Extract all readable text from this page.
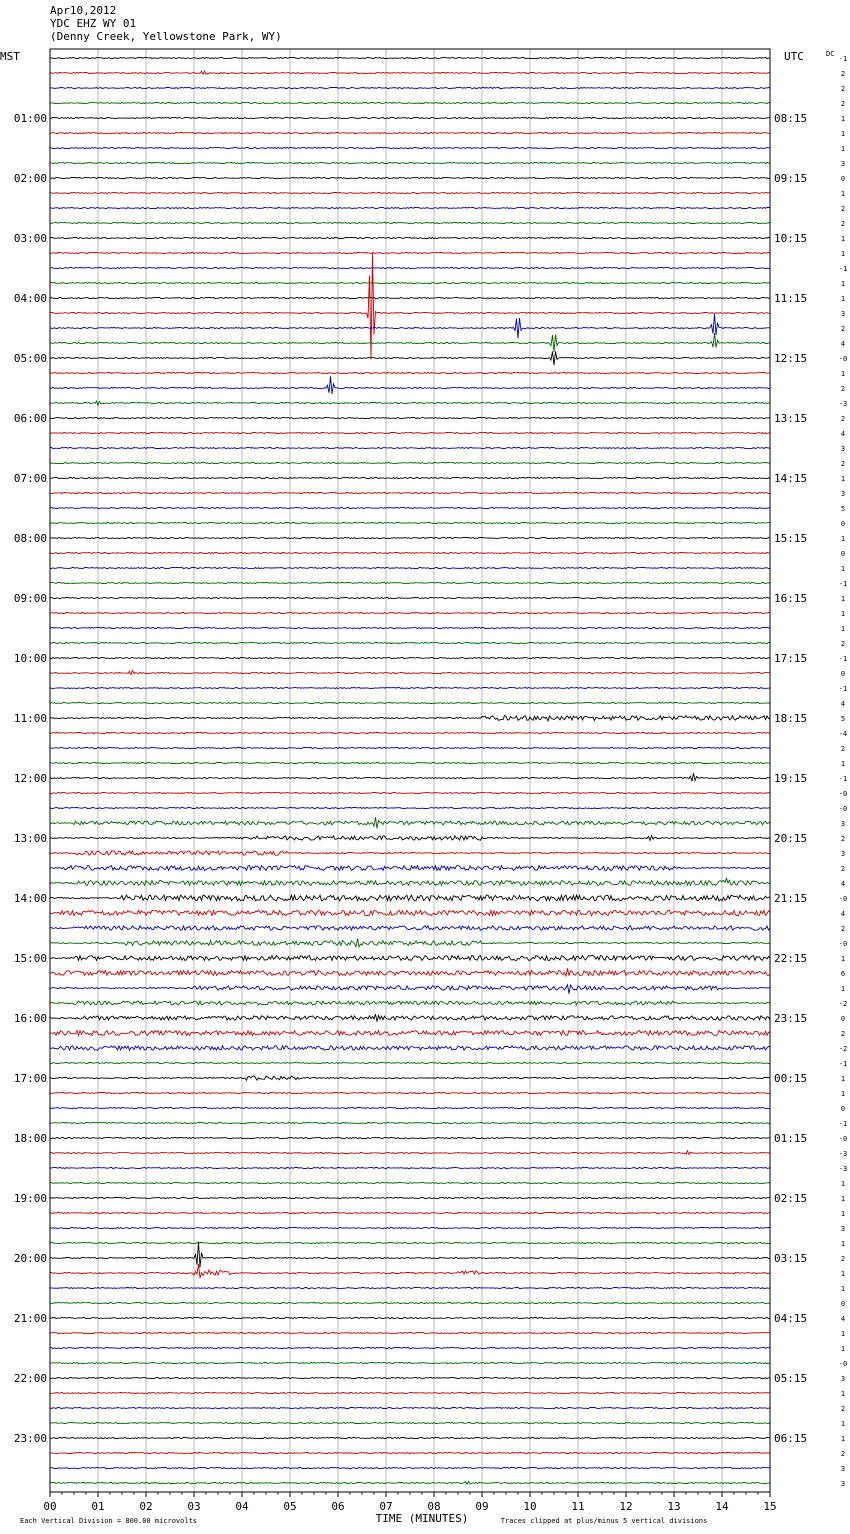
Apr10,2012
YDC EHZ WY 01
(Denny Creek, Yellowstone Park, WY)
00	01	02	03	04	05	06	07	08	09	10	11	12	13	14	15
-1
2
2
2
1
1
1
3
0
1
2
2
1
1
-1
1
1
3
2
4
-0
1
2
-3
2
4
3
2
1
3
5
0
1
0
1
-1
1
1
1
2
-1
0
-1
4
5
-4
2
1
-1
-0
-0
3
2
3
2
4
-0
4
2
-0
1
6
1
-2
0
2
-2
-1
1
1
0
-1
-0
-3
-3
1
1
1
3
1
2
1
1
0
4
1
1
-0
3
1
2
1
1
2
3
3
01:00
02:00
03:00
04:00
05:00
06:00
07:00
08:00
09:00
10:00
11:00
12:00
13:00
14:00
15:00
16:00
17:00
18:00
19:00
20:00
21:00
22:00
23:00
08:15
09:15
10:15
11:15
12:15
13:15
14:15
15:15
16:15
17:15
18:15
19:15
20:15
21:15
22:15
23:15
00:15
01:15
02:15
03:15
04:15
05:15
06:15
MST	UTC	DC
TIME (MINUTES)
Each Vertical Division = 800.00 microvolts	Traces clipped at plus/minus 5 vertical divisions
